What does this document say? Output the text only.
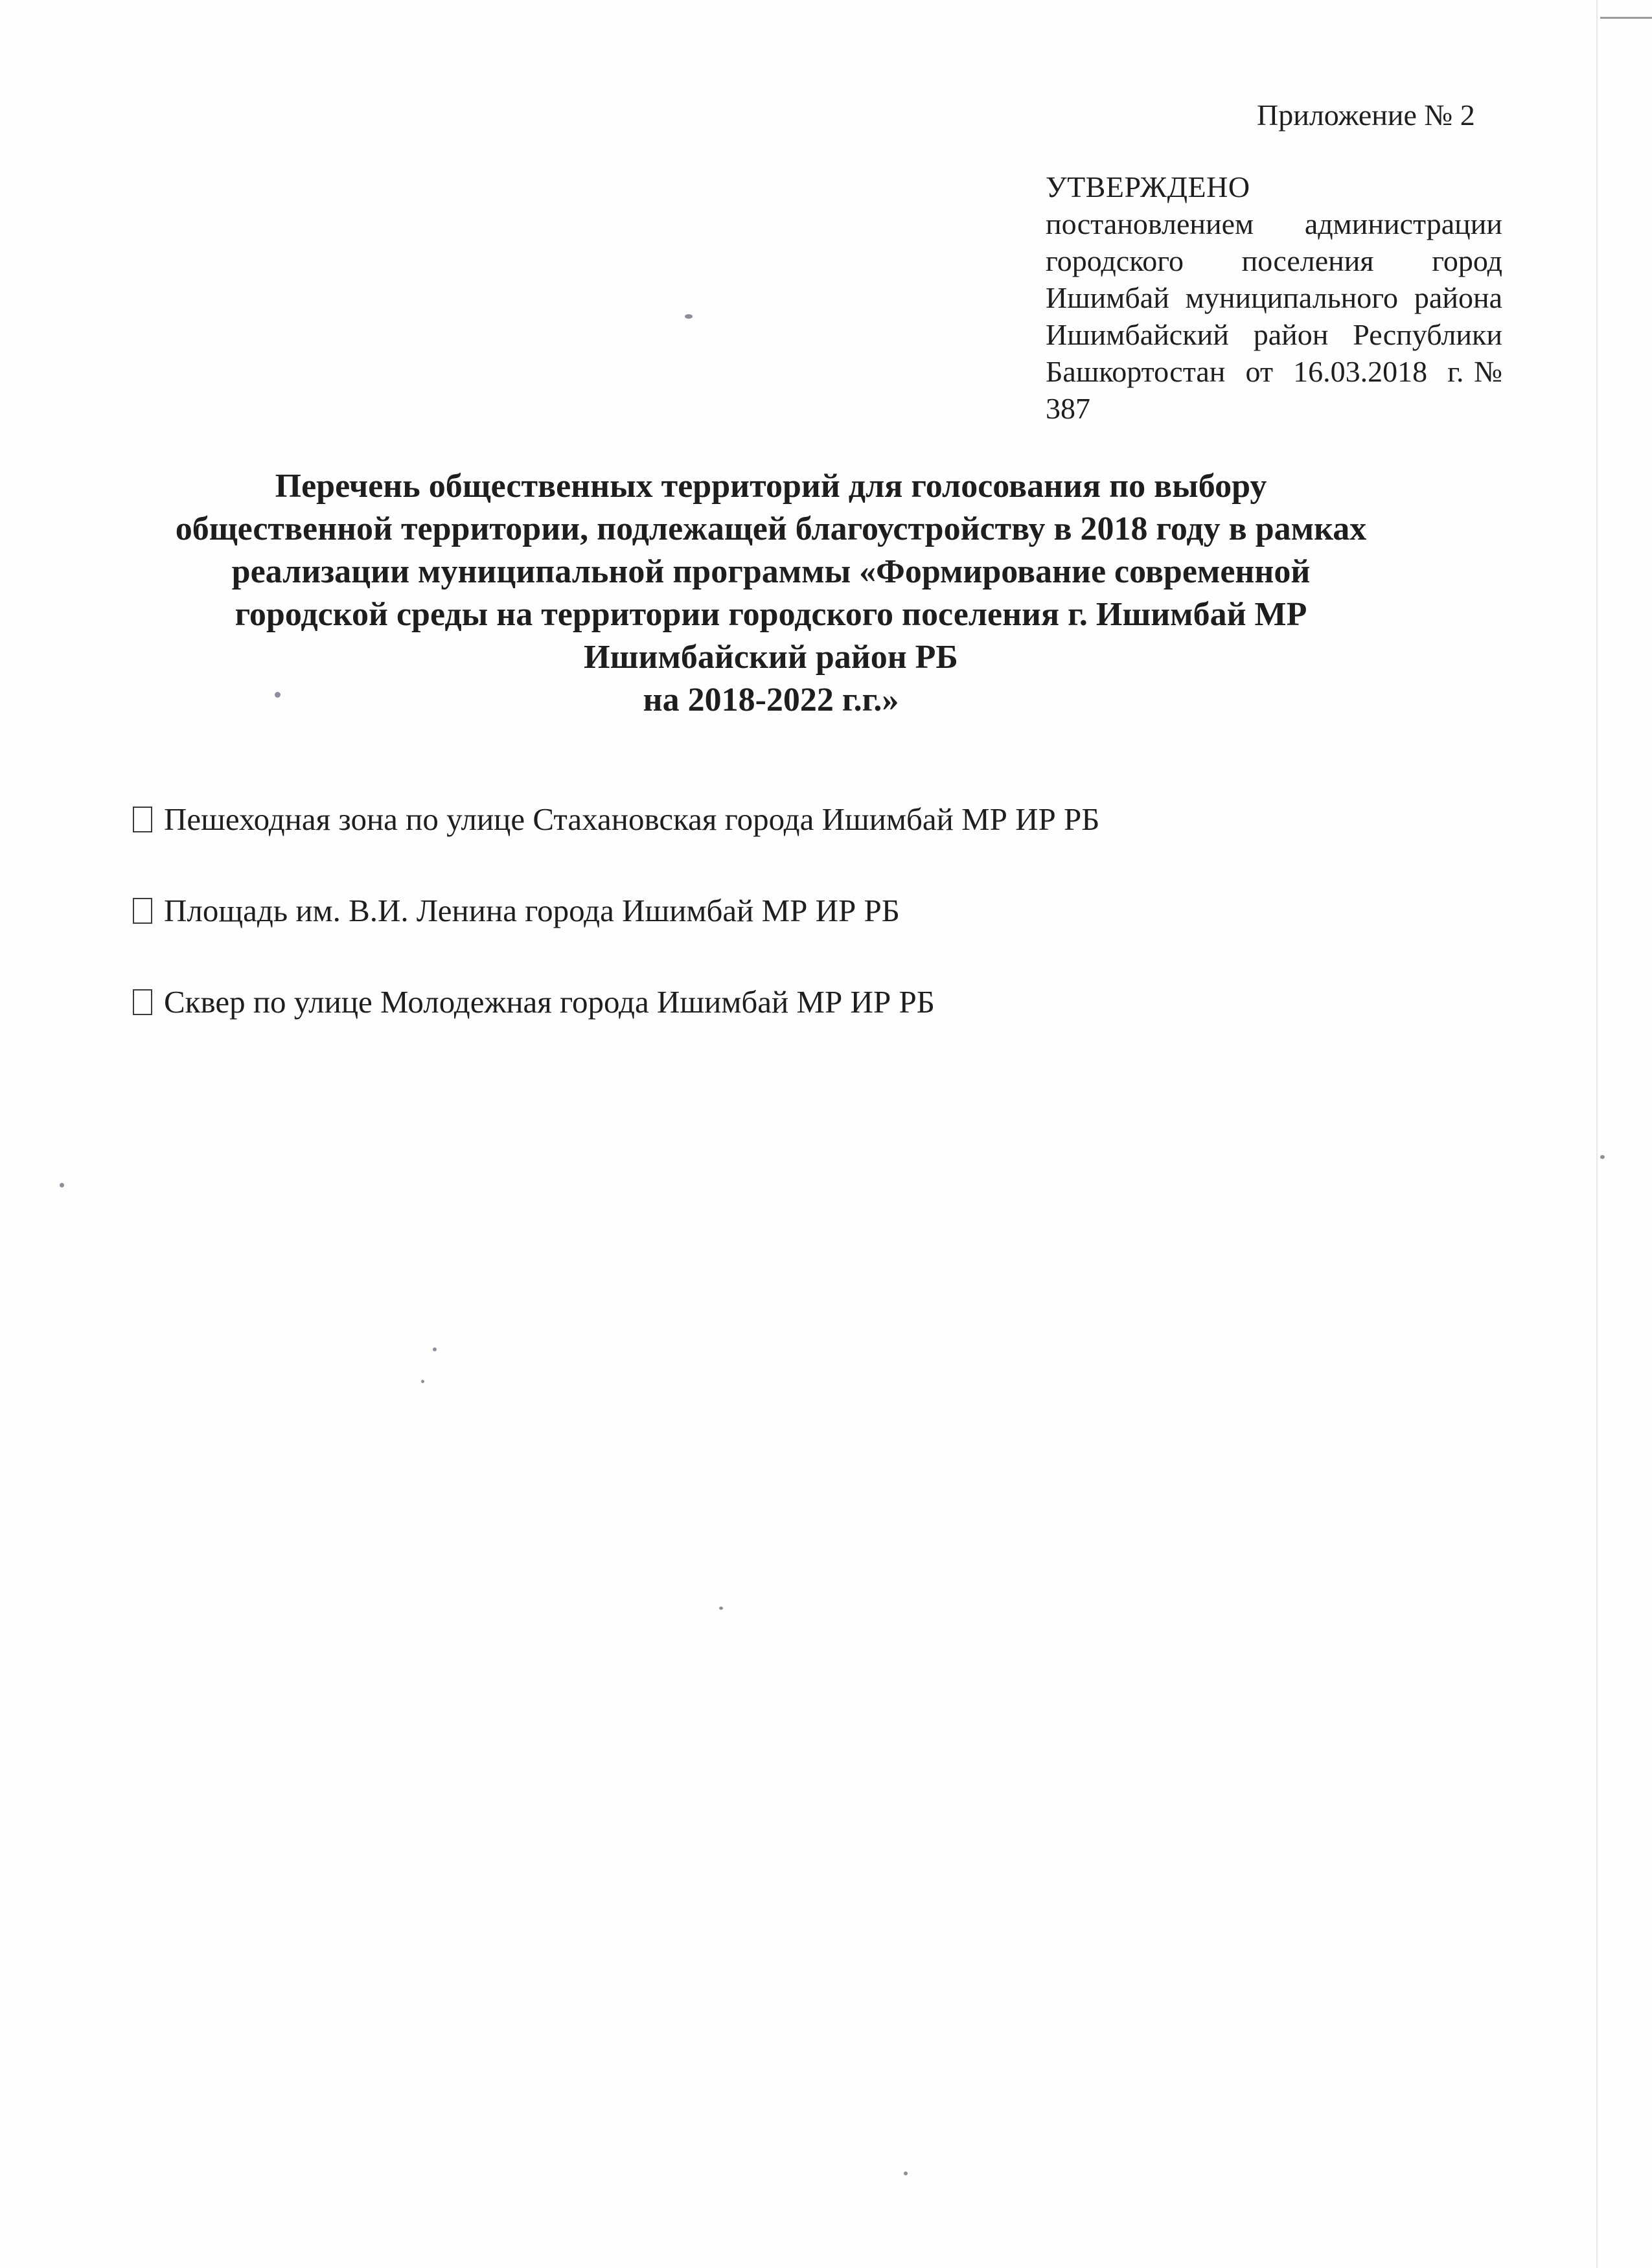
Приложение № 2
УТВЕРЖДЕНО
постановлением администрации городского поселения город Ишимбай муниципального района Ишимбайский район Республики Башкортостан от 16.03.2018 г.№ 387
Перечень общественных территорий для голосования по выбору
общественной территории, подлежащей благоустройству в 2018 году в рамках
реализации муниципальной программы «Формирование современной
городской среды на территории городского поселения г. Ишимбай МР
Ишимбайский район РБ
на 2018-2022 г.г.»
Пешеходная зона по улице Стахановская города Ишимбай МР ИР РБ
Площадь им. В.И. Ленина города Ишимбай МР ИР РБ
Сквер по улице Молодежная города Ишимбай МР ИР РБ
